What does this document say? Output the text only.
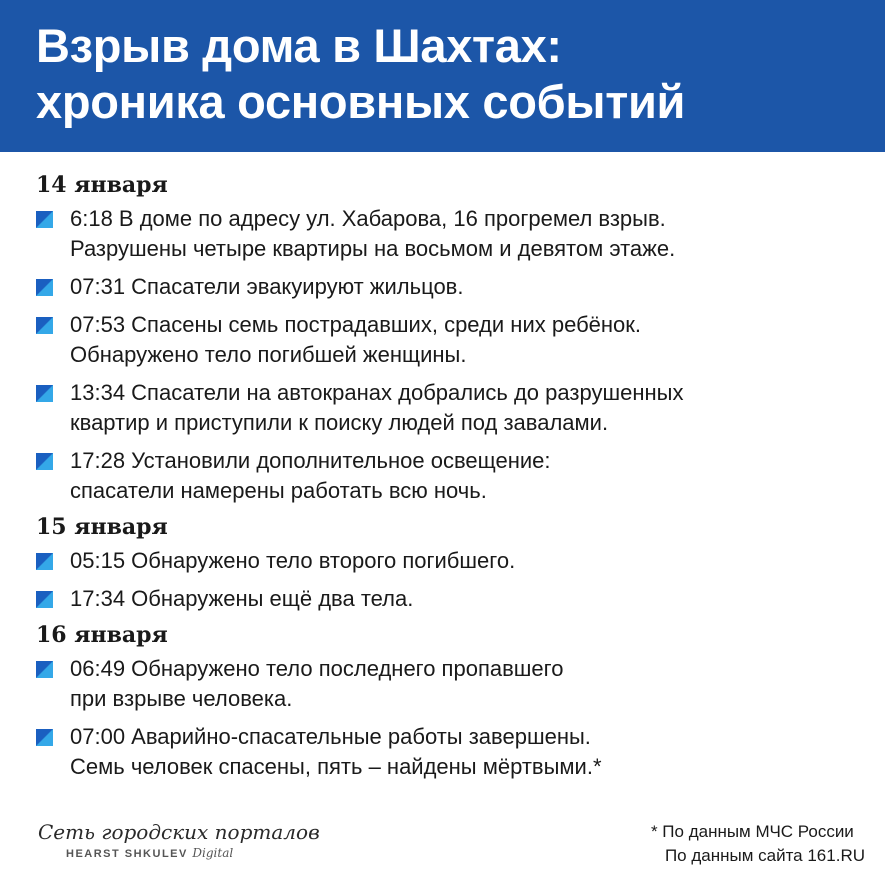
Взрыв дома в Шахтах:
хроника основных событий
14 января
6:18 В доме по адресу ул. Хабарова, 16 прогремел взрыв.
Разрушены четыре квартиры на восьмом и девятом этаже.
07:31 Спасатели эвакуируют жильцов.
07:53 Спасены семь пострадавших, среди них ребёнок.
Обнаружено тело погибшей женщины.
13:34 Спасатели на автокранах добрались до разрушенных
квартир и приступили к поиску людей под завалами.
17:28 Установили дополнительное освещение:
спасатели намерены работать всю ночь.
15 января
05:15 Обнаружено тело второго погибшего.
17:34 Обнаружены ещё два тела.
16 января
06:49 Обнаружено тело последнего пропавшего
при взрыве человека.
07:00 Аварийно-спасательные работы завершены.
Семь человек спасены, пять – найдены мёртвыми.*
Сеть городских порталов
HEARST SHKULEV Digital
* По данным МЧС России
По данным сайта 161.RU
